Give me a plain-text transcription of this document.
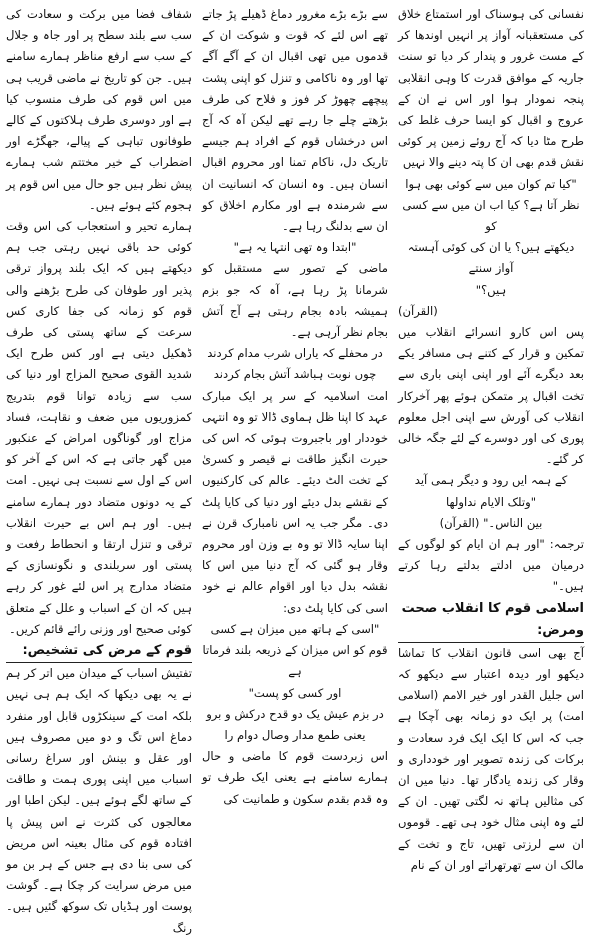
نفسانی کی ہوسناک اور استمتاع خلاق کی مستعقبانہ آواز پر انہیں اوندھا کر کے مست غرور و پندار کر دیا تو سنت جاریہ کے موافق قدرت کا وہی انقلابی پنجہ نمودار ہوا اور اس نے ان کے عروج و اقبال کو ایسا حرف غلط کی طرح مٹا دیا کہ آج روئے زمین پر کوئی نقش قدم بھی ان کا پتہ دینے والا نہیں

"کیا تم کوان میں سے کوئی بھی ہوا

نظر آتا ہے؟ کیا اب ان میں سے کسی کو

دیکھتے ہیں؟ یا ان کی کوئی آہستہ آواز سنتے

ہیں؟"

(القرآن)

پس اس کارو انسرائے انقلاب میں تمکین و قرار کے کتنے ہی مسافر یکے بعد دیگرے آئے اور اپنی اپنی باری سے تخت اقبال پر متمکن ہوئے پھر آخرکار انقلاب کی آورش سے اپنی اجل معلوم پوری کی اور دوسرے کے لئے جگہ خالی کر گئے۔

کے ہمہ ایں رود و دیگر ہمی آید

"وتلک الایام نداولھا

بین الناس۔" (القرآن)

ترجمہ: "اور ہم ان ایام کو لوگوں کے درمیان میں ادلتے بدلتے رہا کرتے ہیں۔"

اسلامی قوم کا انقلاب صحت ومرض:

آج بھی اسی قانون انقلاب کا تماشا دیکھو اور دیدہ اعتبار سے دیکھو کہ اس جلیل القدر اور خیر الامم (اسلامی امت) پر ایک دو زمانہ بھی آچکا ہے جب کہ اس کا ایک ایک فرد سعادت و برکات کی زندہ تصویر اور خودداری و وقار کی زندہ یادگار تھا۔ دنیا میں ان کی مثالیں ہاتھ نہ لگتی تھیں۔ ان کے لئے وہ اپنی مثال خود ہی تھے۔ قوموں ان سے لرزتی تھیں، تاج و تخت کے مالک ان سے تھرتھراتے اور ان کے نام

سے بڑے بڑے مغرور دماغ ڈھیلے پڑ جاتے تھے اس لئے کہ قوت و شوکت ان کے قدموں میں تھی اقبال ان کے آگے آگے تھا اور وہ ناکامی و تنزل کو اپنی پشت پیچھے چھوڑ کر فوز و فلاح کی طرف بڑھتے چلے جا رہے تھے لیکن آہ کہ آج اس درخشاں قوم کے افراد ہم جیسے تاریک دل، ناکام تمنا اور محروم اقبال انسان ہیں۔ وہ انسان کہ انسانیت ان سے شرمندہ ہے اور مکارم اخلاق کو ان سے بدلنگ رہا ہے۔

"ابتدا وہ تھی انتہا یہ ہے"

ماضی کے تصور سے مستقبل کو شرمانا پڑ رہا ہے، آہ کہ جو بزم ہمیشہ بادہ بجام رہتی ہے آج آتش بجام نظر آرہی ہے۔

در محفلے کہ یاراں شرب مدام کردند

چوں نوبت ہباشد آتش بجام کردند

امت اسلامیہ کے سر پر ایک مبارک عہد کا اپنا ظل ہماوی ڈالا تو وہ انتہی خوددار اور باجبروت ہوئی کہ اس کی حیرت انگیز طاقت نے قیصر و کسریٰ کے تخت الٹ دیئے۔ عالم کی کارکنیوں کے نقشے بدل دیئے اور دنیا کی کایا پلٹ دی۔ مگر جب یہ اس نامبارک قرن نے اپنا سایہ ڈالا تو وہ بے وزن اور محروم وقار ہو گئی کہ آج دنیا میں اس کا نقشہ بدل دیا اور اقوام عالم نے خود اسی کی کایا پلٹ دی:

"اسی کے ہاتھ میں میزان ہے کسی

قوم کو اس میزان کے ذریعہ بلند فرماتا ہے

اور کسی کو پست"

در بزم عیش یک دو قدح درکش و برو

یعنی طمع مدار وصال دوام را

اس زبردست قوم کا ماضی و حال ہمارے سامنے ہے یعنی ایک طرف تو وہ قدم بقدم سکون و طمانیت کی

شفاف فضا میں برکت و سعادت کی سب سے بلند سطح پر اور جاہ و جلال کے سب سے ارفع مناظر ہمارے سامنے ہیں۔ جن کو تاریخ نے ماضی قریب ہی میں اس قوم کی طرف منسوب کیا ہے اور دوسری طرف ہلاکتوں کے کالے طوفانوں تباہی کے پیالے، جھگڑے اور اضطراب کے خیر مختتم شب ہمارے پیش نظر ہیں جو حال میں اس قوم پر ہجوم کئے ہوئے ہیں۔

ہمارے تحیر و استعجاب کی اس وقت کوئی حد باقی نہیں رہتی جب ہم دیکھتے ہیں کہ ایک بلند پرواز ترقی پذیر اور طوفان کی طرح بڑھنے والی قوم کو زمانہ کی جفا کاری کس سرعت کے ساتھ پستی کی طرف ڈھکیل دیتی ہے اور کس طرح ایک شدید القوی صحیح المزاج اور دنیا کی سب سے زیادہ توانا قوم بتدریج کمزوریوں میں ضعف و نقاہت، فساد مزاج اور گوناگوں امراض کے عنکبور میں گھر جاتی ہے کہ اس کے آخر کو اس کے اول سے نسبت ہی نہیں۔ امت کے یہ دونوں متضاد دور ہمارے سامنے ہیں۔ اور ہم اس بے حیرت انقلاب ترقی و تنزل ارتقا و انحطاط رفعت و پستی اور سربلندی و نگونسازی کے متضاد مدارج پر اس لئے غور کر رہے ہیں کہ ان کے اسباب و علل کے متعلق کوئی صحیح اور وزنی رائے قائم کریں۔

قوم کے مرض کی تشخیص:

تفتیش اسباب کے میدان میں اتر کر ہم نے یہ بھی دیکھا کہ ایک ہم ہی نہیں بلکہ امت کے سینکڑوں قابل اور منفرد دماغ اس تگ و دو میں مصروف ہیں اور عقل و بینش اور سراغ رسانی اسباب میں اپنی پوری ہمت و طاقت کے ساتھ لگے ہوئے ہیں۔ لیکن اطبا اور معالجوں کی کثرت نے اس پیش پا افتادہ قوم کی مثال بعینہ اس مریض کی سی بنا دی ہے جس کے ہر بن مو میں مرض سرایت کر چکا ہے۔ گوشت پوست اور ہڈیاں تک سوکھ گئیں ہیں۔ رنگ
